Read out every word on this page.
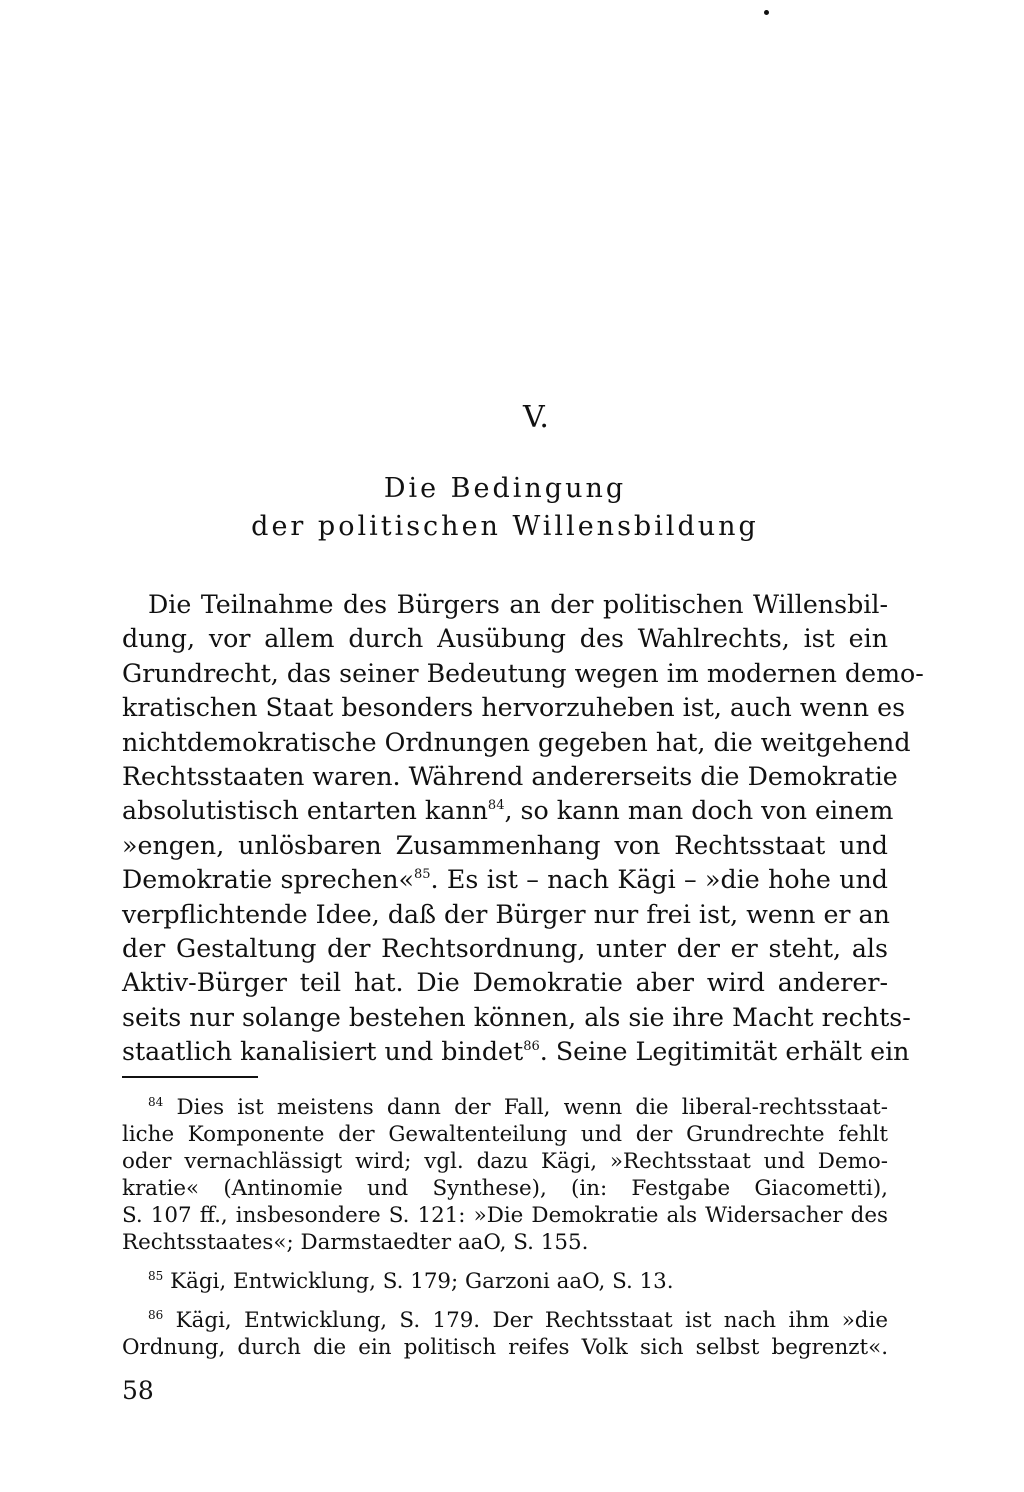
V.
Die Bedingung
der politischen Willensbildung
Die Teilnahme des Bürgers an der politischen Willensbil-
dung, vor allem durch Ausübung des Wahlrechts, ist ein
Grundrecht, das seiner Bedeutung wegen im modernen demo-
kratischen Staat besonders hervorzuheben ist, auch wenn es
nichtdemokratische Ordnungen gegeben hat, die weitgehend
Rechtsstaaten waren. Während andererseits die Demokratie
absolutistisch entarten kann$^{84}$, so kann man doch von einem
»engen, unlösbaren Zusammenhang von Rechtsstaat und
Demokratie sprechen«$^{85}$. Es ist – nach Kägi – »die hohe und
verpflichtende Idee, daß der Bürger nur frei ist, wenn er an
der Gestaltung der Rechtsordnung, unter der er steht, als
Aktiv-Bürger teil hat. Die Demokratie aber wird anderer-
seits nur solange bestehen können, als sie ihre Macht rechts-
staatlich kanalisiert und bindet$^{86}$. Seine Legitimität erhält ein
$^{84}$ Dies ist meistens dann der Fall, wenn die liberal-rechtsstaat-
liche Komponente der Gewaltenteilung und der Grundrechte fehlt
oder vernachlässigt wird; vgl. dazu Kägi, »Rechtsstaat und Demo-
kratie« (Antinomie und Synthese), (in: Festgabe Giacometti),
S. 107 ff., insbesondere S. 121: »Die Demokratie als Widersacher des
Rechtsstaates«; Darmstaedter aaO, S. 155.
$^{85}$ Kägi, Entwicklung, S. 179; Garzoni aaO, S. 13.
$^{86}$ Kägi, Entwicklung, S. 179. Der Rechtsstaat ist nach ihm »die
Ordnung, durch die ein politisch reifes Volk sich selbst begrenzt«.

58
